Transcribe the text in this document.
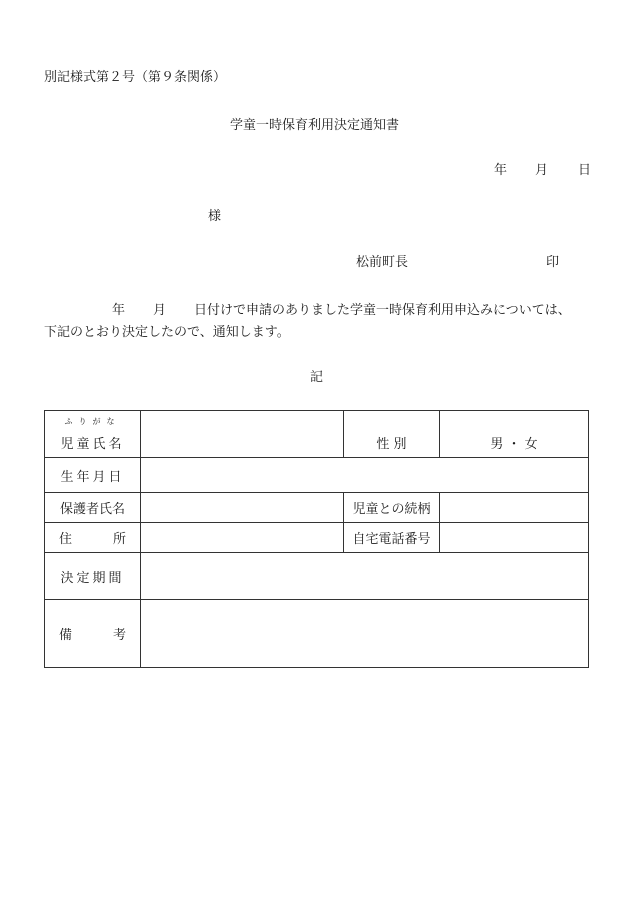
別記様式第２号（第９条関係）
学童一時保育利用決定通知書
年 月 日
様
松前町長	印
年 月 日付けで申請のありました学童一時保育利用申込みについては、
下記のとおり決定したので、通知します。
記
ふりがな
児童氏名		性 別	男 ・ 女
生年月日			
保護者氏名		児童との続柄	

住 所		自宅電話番号	
決定期間			

備 考			
